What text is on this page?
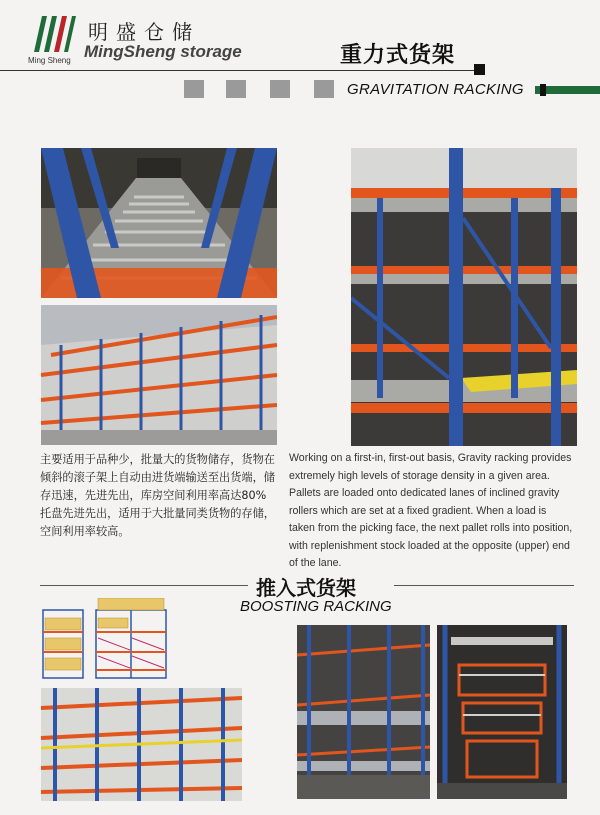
明盛仓储
MingSheng storage
Ming Sheng	重力式货架
GRAVITATION RACKING
主要适用于品种少，批量大的货物储存，货物在倾斜的滚子架上自动由进货端输送至出货端，储存迅速，先进先出，库房空间利用率高达80%托盘先进先出，适用于大批量同类货物的存储，空间利用率较高。
Working on a first-in, first-out basis, Gravity racking provides extremely high levels of storage density in a given area. Pallets are loaded onto dedicated lanes of inclined gravity rollers which are set at a fixed gradient. When a load is taken from the picking face, the next pallet rolls into position, with replenishment stock loaded at the opposite (upper) end of the lane.
推入式货架
BOOSTING RACKING
